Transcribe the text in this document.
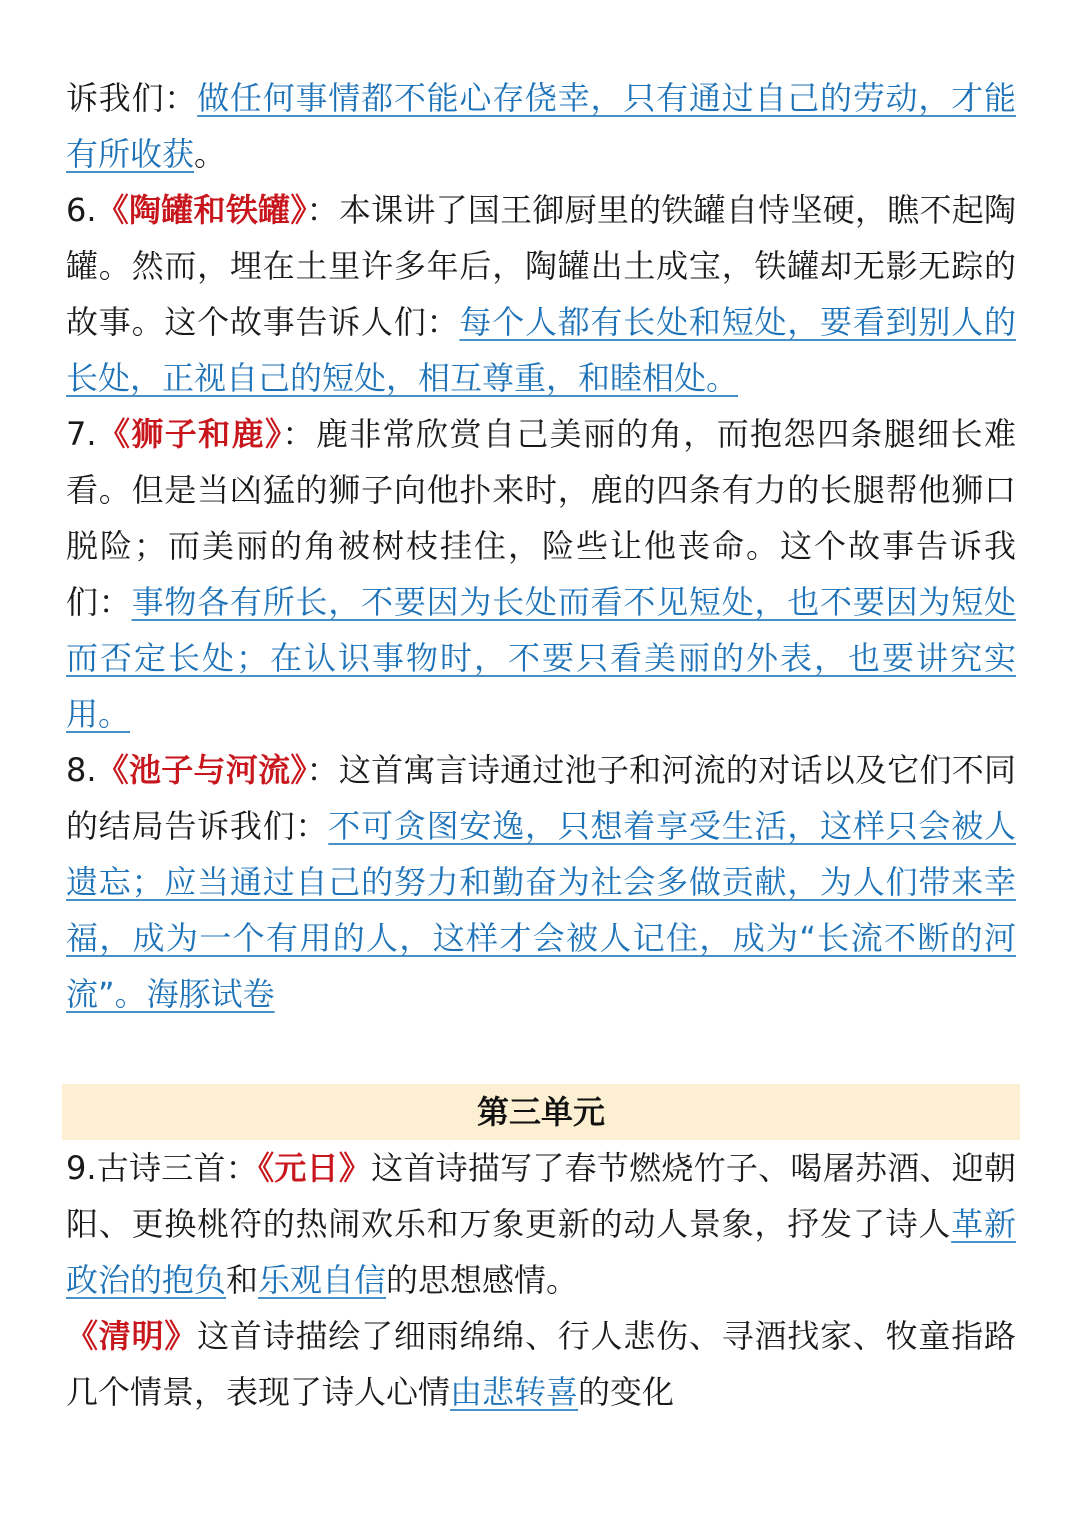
诉我们：做任何事情都不能心存侥幸，只有通过自己的劳动，才能有所收获。

6.《陶罐和铁罐》：本课讲了国王御厨里的铁罐自恃坚硬，瞧不起陶罐。然而，埋在土里许多年后，陶罐出土成宝，铁罐却无影无踪的故事。这个故事告诉人们：每个人都有长处和短处，要看到别人的长处，正视自己的短处，相互尊重，和睦相处。

7.《狮子和鹿》：鹿非常欣赏自己美丽的角，而抱怨四条腿细长难看。但是当凶猛的狮子向他扑来时，鹿的四条有力的长腿帮他狮口脱险；而美丽的角被树枝挂住，险些让他丧命。这个故事告诉我们：事物各有所长，不要因为长处而看不见短处，也不要因为短处而否定长处；在认识事物时，不要只看美丽的外表，也要讲究实用。

8.《池子与河流》：这首寓言诗通过池子和河流的对话以及它们不同的结局告诉我们：不可贪图安逸，只想着享受生活，这样只会被人遗忘；应当通过自己的努力和勤奋为社会多做贡献，为人们带来幸福，成为一个有用的人，这样才会被人记住，成为“长流不断的河流”。海豚试卷

第三单元

9.古诗三首：《元日》这首诗描写了春节燃烧竹子、喝屠苏酒、迎朝阳、更换桃符的热闹欢乐和万象更新的动人景象，抒发了诗人革新政治的抱负和乐观自信的思想感情。

《清明》这首诗描绘了细雨绵绵、行人悲伤、寻酒找家、牧童指路几个情景，表现了诗人心情由悲转喜的变化
